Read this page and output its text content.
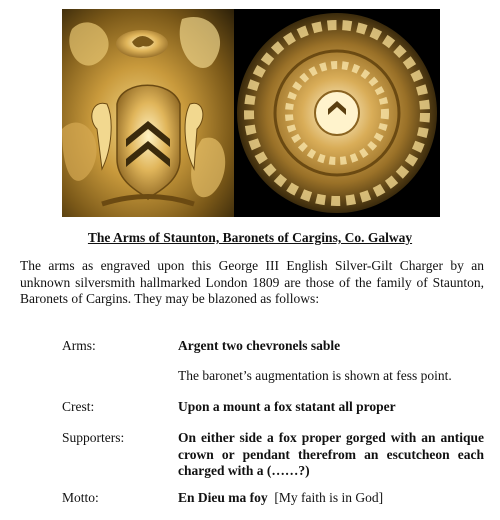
The Arms of Staunton, Baronets of Cargins, Co. Galway
The arms as engraved upon this George III English Silver-Gilt Charger by an unknown silversmith hallmarked London 1809 are those of the family of Staunton, Baronets of Cargins. They may be blazoned as follows:
Arms:	Argent two chevronels sable
The baronet’s augmentation is shown at fess point.
Crest:	Upon a mount a fox statant all proper
Supporters:	On either side a fox proper gorged with an antique crown or pendant therefrom an escutcheon each charged with a (……?)
Motto:	En Dieu ma foy [My faith is in God]
